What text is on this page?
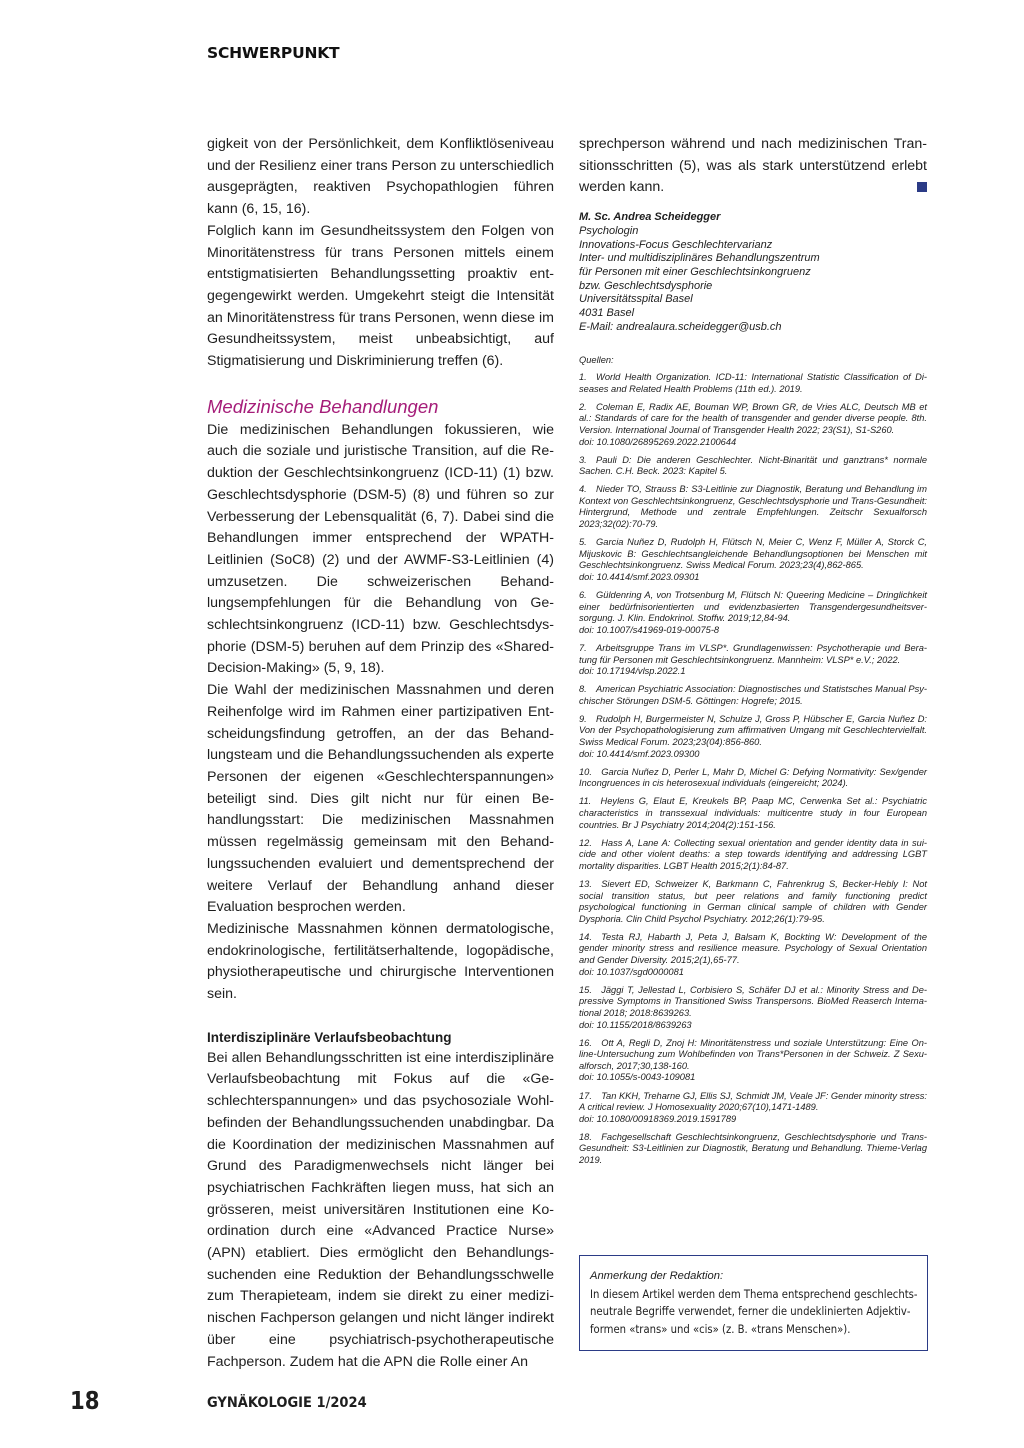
SCHWERPUNKT

gigkeit von der Persönlichkeit, dem Konfliktlöseniveau und der Resilienz einer trans Person zu unterschiedlich ausgeprägten, reaktiven Psychopathlogien führen kann (6, 15, 16).

Folglich kann im Gesundheitssystem den Folgen von Minoritätenstress für trans Personen mittels einem entstigmatisierten Behandlungssetting proaktiv entgegengewirkt werden. Umgekehrt steigt die Intensität an Minoritätenstress für trans Personen, wenn diese im Gesundheitssystem, meist unbeabsichtigt, auf Stigmatisierung und Diskriminierung treffen (6).

Medizinische Behandlungen

Die medizinischen Behandlungen fokussieren, wie auch die soziale und juristische Transition, auf die Reduktion der Geschlechtsinkongruenz (ICD-11) (1) bzw. Geschlechtsdysphorie (DSM-5) (8) und führen so zur Verbesserung der Lebensqualität (6, 7). Dabei sind die Behandlungen immer entsprechend der WPATH-Leitlinien (SoC8) (2) und der AWMF-S3-Leitlinien (4) umzusetzen. Die schweizerischen Behandlungsempfehlungen für die Behandlung von Geschlechtsinkongruenz (ICD-11) bzw. Geschlechtsdysphorie (DSM-5) beruhen auf dem Prinzip des «Shared-Decision-Making» (5, 9, 18).

Die Wahl der medizinischen Massnahmen und deren Reihenfolge wird im Rahmen einer partizipativen Entscheidungsfindung getroffen, an der das Behandlungsteam und die Behandlungssuchenden als experte Personen der eigenen «Geschlechterspannungen» beteiligt sind. Dies gilt nicht nur für einen Behandlungsstart: Die medizinischen Massnahmen müssen regelmässig gemeinsam mit den Behandlungssuchenden evaluiert und dementsprechend der weitere Verlauf der Behandlung anhand dieser Evaluation besprochen werden.

Medizinische Massnahmen können dermatologische, endokrinologische, fertilitätserhaltende, logopädische, physiotherapeutische und chirurgische Interventionen sein.

Interdisziplinäre Verlaufsbeobachtung

Bei allen Behandlungsschritten ist eine interdisziplinäre Verlaufsbeobachtung mit Fokus auf die «Geschlechterspannungen» und das psychosoziale Wohlbefinden der Behandlungssuchenden unabdingbar. Da die Koordination der medizinischen Massnahmen auf Grund des Paradigmenwechsels nicht länger bei psychiatrischen Fachkräften liegen muss, hat sich an grösseren, meist universitären Institutionen eine Koordination durch eine «Advanced Practice Nurse» (APN) etabliert. Dies ermöglicht den Behandlungssuchenden eine Reduktion der Behandlungsschwelle zum Therapieteam, indem sie direkt zu einer medizinischen Fachperson gelangen und nicht länger indirekt über eine psychiatrisch-psychotherapeutische Fachperson. Zudem hat die APN die Rolle einer An

sprechperson während und nach medizinischen Transitionsschritten (5), was als stark unterstützend erlebt werden kann.

M. Sc. Andrea Scheidegger
Psychologin
Innovations-Focus Geschlechtervarianz
Inter- und multidisziplinäres Behandlungszentrum
für Personen mit einer Geschlechtsinkongruenz
bzw. Geschlechtsdysphorie
Universitätsspital Basel
4031 Basel
E-Mail: andrealaura.scheidegger@usb.ch
Quellen:
1. World Health Organization. ICD-11: International Statistic Classification of Diseases and Related Health Problems (11th ed.). 2019.
2. Coleman E, Radix AE, Bouman WP, Brown GR, de Vries ALC, Deutsch MB et al.: Standards of care for the health of transgender and gender diverse people. 8th. Version. International Journal of Transgender Health 2022; 23(S1), S1-S260.
doi: 10.1080/26895269.2022.2100644
3. Pauli D: Die anderen Geschlechter. Nicht-Binarität und ganztrans* normale Sachen. C.H. Beck. 2023: Kapitel 5.
4. Nieder TO, Strauss B: S3-Leitlinie zur Diagnostik, Beratung und Behandlung im Kontext von Geschlechtsinkongruenz, Geschlechtsdysphorie und Trans-Gesundheit: Hintergrund, Methode und zentrale Empfehlungen. Zeitschr Sexualforsch 2023;32(02):70-79.
5. Garcia Nuñez D, Rudolph H, Flütsch N, Meier C, Wenz F, Müller A, Storck C, Mijuskovic B: Geschlechtsangleichende Behandlungsoptionen bei Menschen mit Geschlechtsinkongruenz. Swiss Medical Forum. 2023;23(4),862-865.
doi: 10.4414/smf.2023.09301
6. Güldenring A, von Trotsenburg M, Flütsch N: Queering Medicine – Dringlichkeit einer bedürfnisorientierten und evidenzbasierten Transgendergesundheitsversorgung. J. Klin. Endokrinol. Stoffw. 2019;12,84-94.
doi: 10.1007/s41969-019-00075-8
7. Arbeitsgruppe Trans im VLSP*. Grundlagenwissen: Psychotherapie und Beratung für Personen mit Geschlechtsinkongruenz. Mannheim: VLSP* e.V.; 2022.
doi: 10.17194/vlsp.2022.1
8. American Psychiatric Association: Diagnostisches und Statistsches Manual Psychischer Störungen DSM-5. Göttingen: Hogrefe; 2015.
9. Rudolph H, Burgermeister N, Schulze J, Gross P, Hübscher E, Garcia Nuñez D: Von der Psychopathologisierung zum affirmativen Umgang mit Geschlechtervielfalt. Swiss Medical Forum. 2023;23(04):856-860.
doi: 10.4414/smf.2023.09300
10. Garcia Nuñez D, Perler L, Mahr D, Michel G: Defying Normativity: Sex/gender Incongruences in cis heterosexual individuals (eingereicht; 2024).
11. Heylens G, Elaut E, Kreukels BP, Paap MC, Cerwenka Set al.: Psychiatric characteristics in transsexual individuals: multicentre study in four European countries. Br J Psychiatry 2014;204(2):151-156.
12. Hass A, Lane A: Collecting sexual orientation and gender identity data in suicide and other violent deaths: a step towards identifying and addressing LGBT mortality disparities. LGBT Health 2015;2(1):84-87.
13. Sievert ED, Schweizer K, Barkmann C, Fahrenkrug S, Becker-Hebly I: Not social transition status, but peer relations and family functioning predict psychological functioning in German clinical sample of children with Gender Dysphoria. Clin Child Psychol Psychiatry. 2012;26(1):79-95.
14. Testa RJ, Habarth J, Peta J, Balsam K, Bockting W: Development of the gender minority stress and resilience measure. Psychology of Sexual Orientation and Gender Diversity. 2015;2(1),65-77.
doi: 10.1037/sgd0000081
15. Jäggi T, Jellestad L, Corbisiero S, Schäfer DJ et al.: Minority Stress and Depressive Symptoms in Transitioned Swiss Transpersons. BioMed Reaserch International 2018; 2018:8639263.
doi: 10.1155/2018/8639263
16. Ott A, Regli D, Znoj H: Minoritätenstress und soziale Unterstützung: Eine Online-Untersuchung zum Wohlbefinden von Trans*Personen in der Schweiz. Z Sexualforsch, 2017;30,138-160.
doi: 10.1055/s-0043-109081
17. Tan KKH, Treharne GJ, Ellis SJ, Schmidt JM, Veale JF: Gender minority stress: A critical review. J Homosexuality 2020;67(10),1471-1489.
doi: 10.1080/00918369.2019.1591789
18. Fachgesellschaft Geschlechtsinkongruenz, Geschlechtsdysphorie und Trans-Gesundheit: S3-Leitlinien zur Diagnostik, Beratung und Behandlung. Thieme-Verlag 2019.
Anmerkung der Redaktion:
In diesem Artikel werden dem Thema entsprechend geschlechtsneutrale Begriffe verwendet, ferner die undeklinierten Adjektivformen «trans» und «cis» (z. B. «trans Menschen»).
18	GYNÄKOLOGIE 1/2024
